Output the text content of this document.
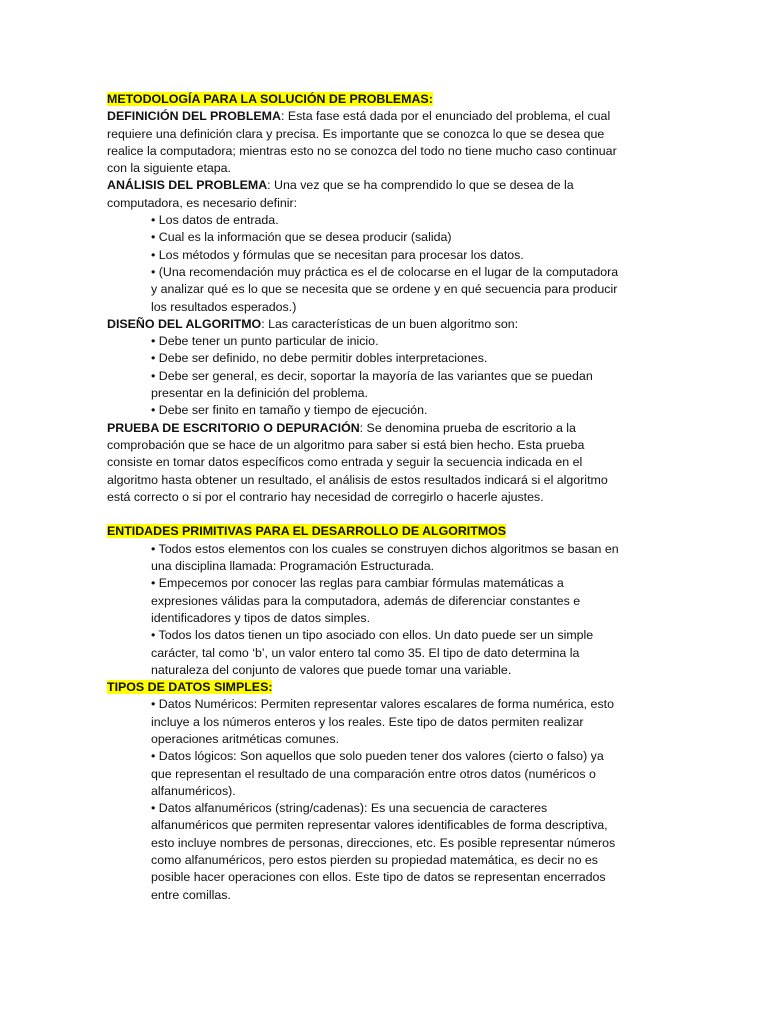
METODOLOGÍA PARA LA SOLUCIÓN DE PROBLEMAS:
DEFINICIÓN DEL PROBLEMA: Esta fase está dada por el enunciado del problema, el cual
requiere una definición clara y precisa. Es importante que se conozca lo que se desea que
realice la computadora; mientras esto no se conozca del todo no tiene mucho caso continuar
con la siguiente etapa.
ANÁLISIS DEL PROBLEMA: Una vez que se ha comprendido lo que se desea de la
computadora, es necesario definir:
• Los datos de entrada.
• Cual es la información que se desea producir (salida)
• Los métodos y fórmulas que se necesitan para procesar los datos.
• (Una recomendación muy práctica es el de colocarse en el lugar de la computadora
y analizar qué es lo que se necesita que se ordene y en qué secuencia para producir
los resultados esperados.)
DISEÑO DEL ALGORITMO: Las características de un buen algoritmo son:
• Debe tener un punto particular de inicio.
• Debe ser definido, no debe permitir dobles interpretaciones.
• Debe ser general, es decir, soportar la mayoría de las variantes que se puedan
presentar en la definición del problema.
• Debe ser finito en tamaño y tiempo de ejecución.
PRUEBA DE ESCRITORIO O DEPURACIÓN: Se denomina prueba de escritorio a la
comprobación que se hace de un algoritmo para saber si está bien hecho. Esta prueba
consiste en tomar datos específicos como entrada y seguir la secuencia indicada en el
algoritmo hasta obtener un resultado, el análisis de estos resultados indicará si el algoritmo
está correcto o si por el contrario hay necesidad de corregirlo o hacerle ajustes.
ENTIDADES PRIMITIVAS PARA EL DESARROLLO DE ALGORITMOS
• Todos estos elementos con los cuales se construyen dichos algoritmos se basan en
una disciplina llamada: Programación Estructurada.
• Empecemos por conocer las reglas para cambiar fórmulas matemáticas a
expresiones válidas para la computadora, además de diferenciar constantes e
identificadores y tipos de datos simples.
• Todos los datos tienen un tipo asociado con ellos. Un dato puede ser un simple
carácter, tal como ‘b’, un valor entero tal como 35. El tipo de dato determina la
naturaleza del conjunto de valores que puede tomar una variable.
TIPOS DE DATOS SIMPLES:
• Datos Numéricos: Permiten representar valores escalares de forma numérica, esto
incluye a los números enteros y los reales. Este tipo de datos permiten realizar
operaciones aritméticas comunes.
• Datos lógicos: Son aquellos que solo pueden tener dos valores (cierto o falso) ya
que representan el resultado de una comparación entre otros datos (numéricos o
alfanuméricos).
• Datos alfanuméricos (string/cadenas): Es una secuencia de caracteres
alfanuméricos que permiten representar valores identificables de forma descriptiva,
esto incluye nombres de personas, direcciones, etc. Es posible representar números
como alfanuméricos, pero estos pierden su propiedad matemática, es decir no es
posible hacer operaciones con ellos. Este tipo de datos se representan encerrados
entre comillas.
